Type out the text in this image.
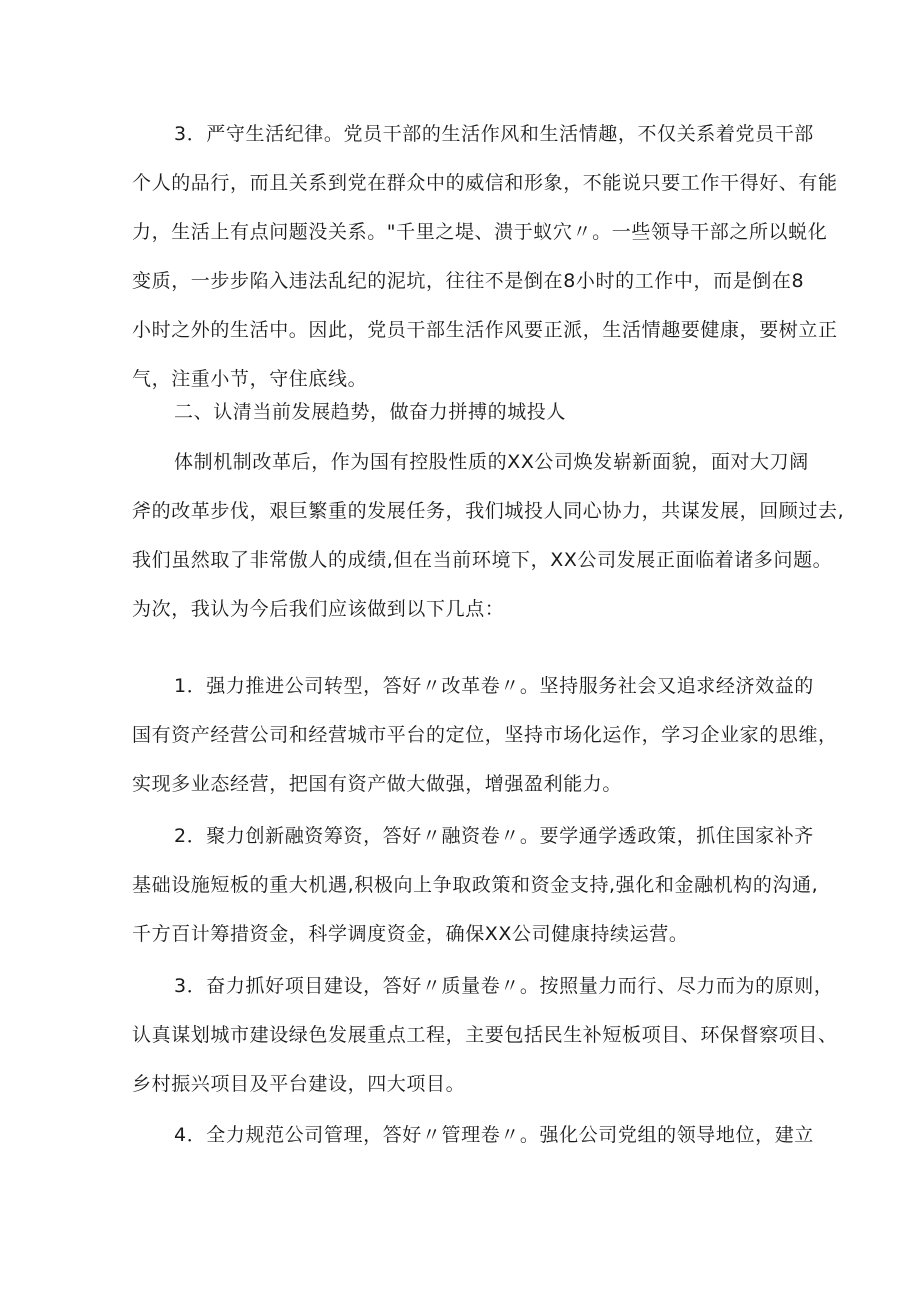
3．严守生活纪律。党员干部的生活作风和生活情趣，不仅关系着党员干部
个人的品行，而且关系到党在群众中的威信和形象，不能说只要工作干得好、有能
力，生活上有点问题没关系。"千里之堤、溃于蚁穴〃。一些领导干部之所以蜕化
变质，一步步陷入违法乱纪的泥坑，往往不是倒在8小时的工作中，而是倒在8
小时之外的生活中。因此，党员干部生活作风要正派，生活情趣要健康，要树立正
气，注重小节，守住底线。

二、认清当前发展趋势，做奋力拼搏的城投人

体制机制改革后，作为国有控股性质的XX公司焕发崭新面貌，面对大刀阔
斧的改革步伐，艰巨繁重的发展任务，我们城投人同心协力，共谋发展，回顾过去,
我们虽然取了非常傲人的成绩,但在当前环境下，XX公司发展正面临着诸多问题。
为次，我认为今后我们应该做到以下几点：

1．强力推进公司转型，答好〃改革卷〃。坚持服务社会又追求经济效益的
国有资产经营公司和经营城市平台的定位，坚持市场化运作，学习企业家的思维，
实现多业态经营，把国有资产做大做强，增强盈利能力。

2．聚力创新融资筹资，答好〃融资卷〃。要学通学透政策，抓住国家补齐
基础设施短板的重大机遇,积极向上争取政策和资金支持,强化和金融机构的沟通,
千方百计筹措资金，科学调度资金，确保XX公司健康持续运营。

3．奋力抓好项目建设，答好〃质量卷〃。按照量力而行、尽力而为的原则，
认真谋划城市建设绿色发展重点工程，主要包括民生补短板项目、环保督察项目、
乡村振兴项目及平台建设，四大项目。

4．全力规范公司管理，答好〃管理卷〃。强化公司党组的领导地位，建立
